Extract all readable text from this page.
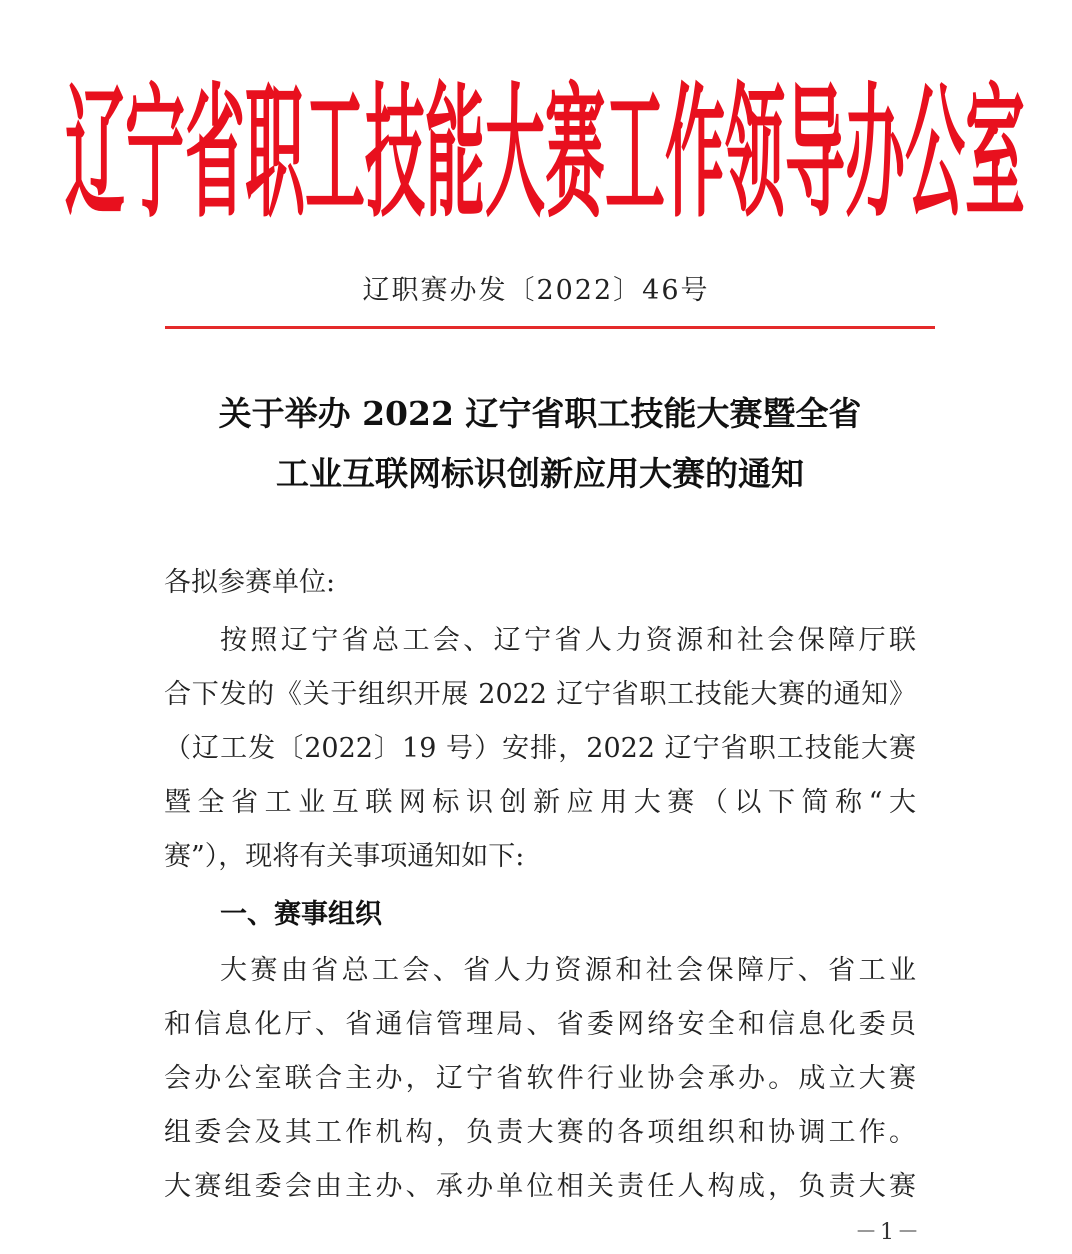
辽宁省职工技能大赛工作领导办公室
辽职赛办发〔2022〕46号
关于举办 2022 辽宁省职工技能大赛暨全省
工业互联网标识创新应用大赛的通知
各拟参赛单位:
按照辽宁省总工会、辽宁省人力资源和社会保障厅联
合下发的《关于组织开展 2022 辽宁省职工技能大赛的通知》
（辽工发〔2022〕19 号）安排，2022 辽宁省职工技能大赛
暨全省工业互联网标识创新应用大赛（以下简称“大
赛”），现将有关事项通知如下:
一、赛事组织
大赛由省总工会、省人力资源和社会保障厅、省工业
和信息化厅、省通信管理局、省委网络安全和信息化委员
会办公室联合主办，辽宁省软件行业协会承办。成立大赛
组委会及其工作机构，负责大赛的各项组织和协调工作。
大赛组委会由主办、承办单位相关责任人构成，负责大赛
－1－
